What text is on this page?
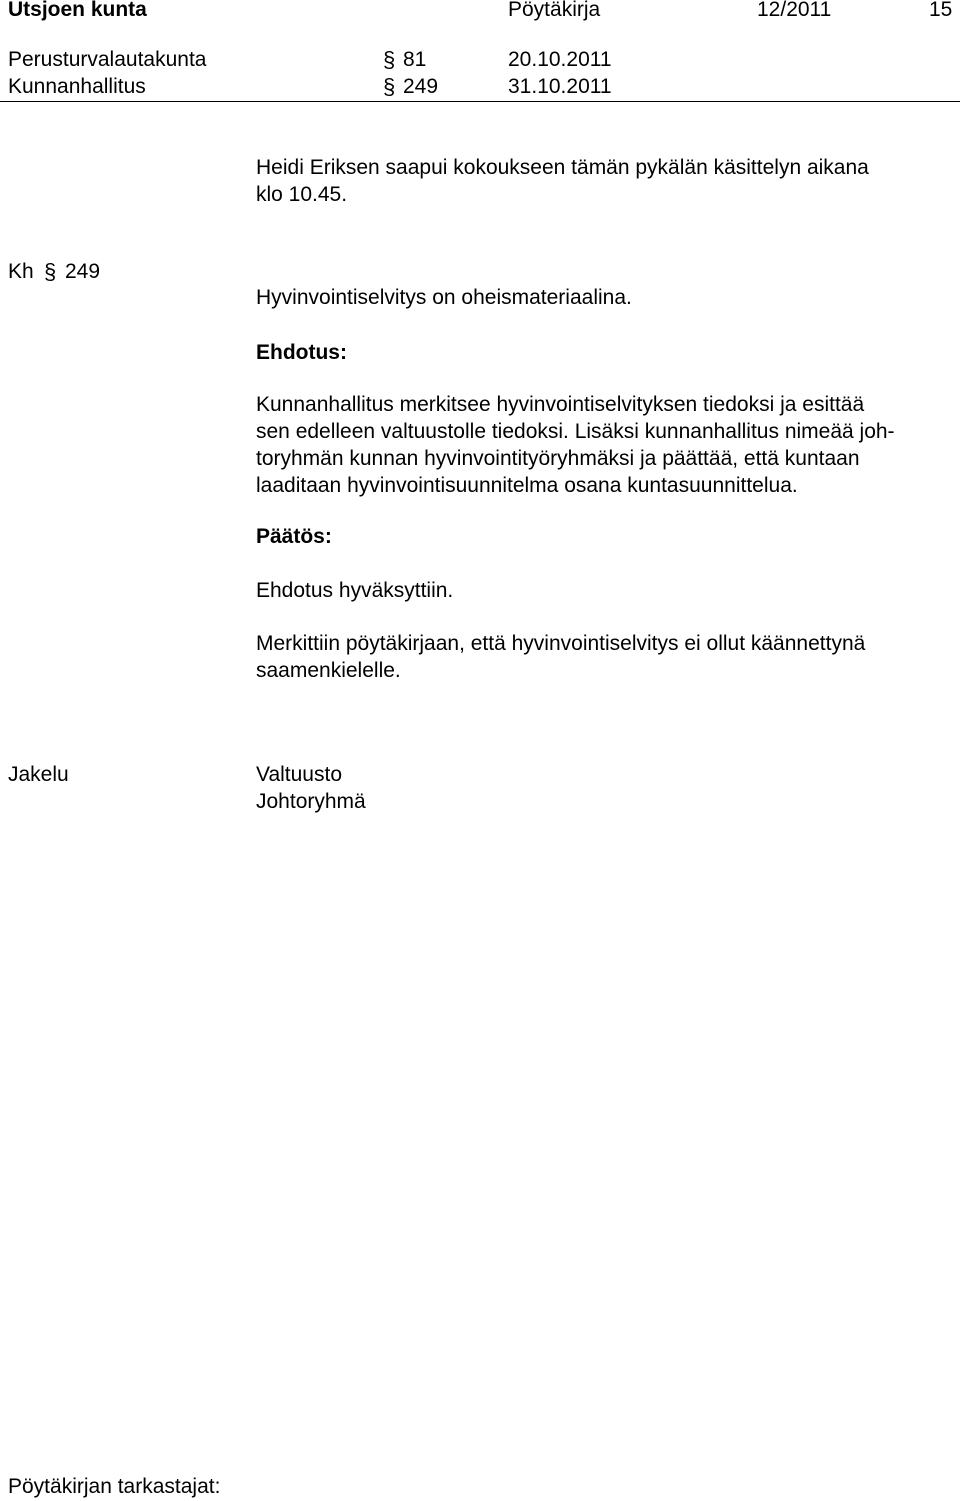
Utsjoen kunta	Pöytäkirja	12/2011	15
Perusturvalautakunta	§ 81	20.10.2011
Kunnanhallitus	§ 249	31.10.2011
Heidi Eriksen saapui kokoukseen tämän pykälän käsittelyn aikana
klo 10.45.
Kh § 249
Hyvinvointiselvitys on oheismateriaalina.
Ehdotus:
Kunnanhallitus merkitsee hyvinvointiselvityksen tiedoksi ja esittää
sen edelleen valtuustolle tiedoksi. Lisäksi kunnanhallitus nimeää joh-
toryhmän kunnan hyvinvointityöryhmäksi ja päättää, että kuntaan
laaditaan hyvinvointisuunnitelma osana kuntasuunnittelua.
Päätös:
Ehdotus hyväksyttiin.
Merkittiin pöytäkirjaan, että hyvinvointiselvitys ei ollut käännettynä
saamenkielelle.
Jakelu	Valtuusto
Johtoryhmä
Pöytäkirjan tarkastajat:
